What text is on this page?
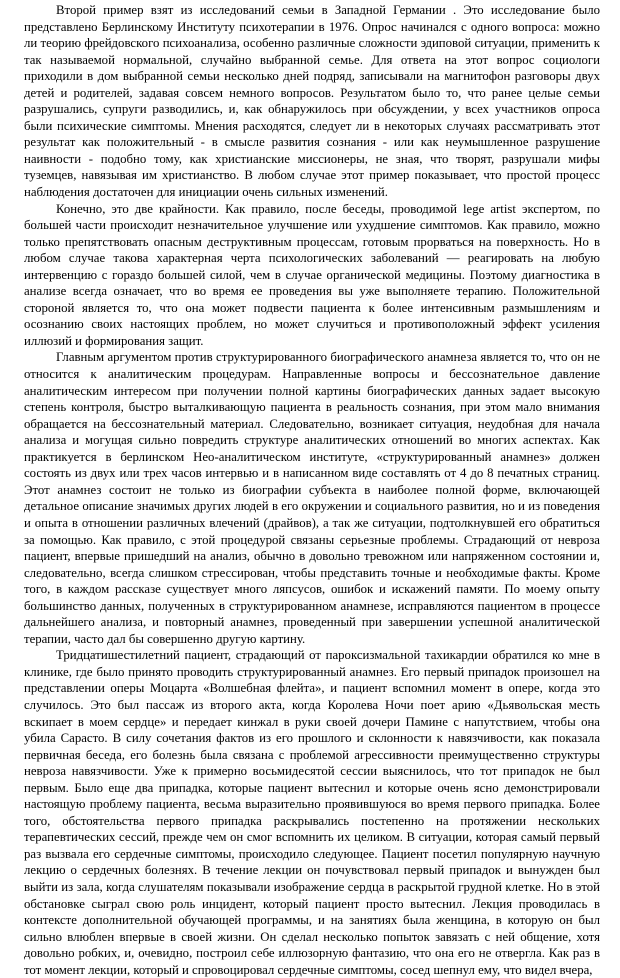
Второй пример взят из исследований семьи в Западной Германии . Это исследование было представлено Берлинскому Институту психотерапии в 1976. Опрос начинался с одного вопроса: можно ли теорию фрейдовского психоанализа, особенно различные сложности эдиповой ситуации, применить к так называемой нормальной, случайно выбранной семье. Для ответа на этот вопрос социологи приходили в дом выбранной семьи несколько дней подряд, записывали на магнитофон разговоры двух детей и родителей, задавая совсем немного вопросов. Результатом было то, что ранее целые семьи разрушались, супруги разводились, и, как обнаружилось при обсуждении, у всех участников опроса были психические симптомы. Мнения расходятся, следует ли в некоторых случаях рассматривать этот результат как положительный - в смысле развития сознания - или как неумышленное разрушение наивности - подобно тому, как христианские миссионеры, не зная, что творят, разрушали мифы туземцев, навязывая им христианство. В любом случае этот пример показывает, что простой процесс наблюдения достаточен для инициации очень сильных изменений.

Конечно, это две крайности. Как правило, после беседы, проводимой lege artist экспертом, по большей части происходит незначительное улучшение или ухудшение симптомов. Как правило, можно только препятствовать опасным деструктивным процессам, готовым прорваться на поверхность. Но в любом случае такова характерная черта психологических заболеваний — реагировать на любую интервенцию с гораздо большей силой, чем в случае органической медицины. Поэтому диагностика в анализе всегда означает, что во время ее проведения вы уже выполняете терапию. Положительной стороной является то, что она может подвести пациента к более интенсивным размышлениям и осознанию своих настоящих проблем, но может случиться и противоположный эффект усиления иллюзий и формирования защит.

Главным аргументом против структурированного биографического анамнеза является то, что он не относится к аналитическим процедурам. Направленные вопросы и бессознательное давление аналитическим интересом при получении полной картины биографических данных задает высокую степень контроля, быстро выталкивающую пациента в реальность сознания, при этом мало внимания обращается на бессознательный материал. Следовательно, возникает ситуация, неудобная для начала анализа и могущая сильно повредить структуре аналитических отношений во многих аспектах. Как практикуется в берлинском Нео-аналитическом институте, «структурированный анамнез» должен состоять из двух или трех часов интервью и в написанном виде составлять от 4 до 8 печатных страниц. Этот анамнез состоит не только из биографии субъекта в наиболее полной форме, включающей детальное описание значимых других людей в его окружении и социального развития, но и из поведения и опыта в отношении различных влечений (драйвов), а так же ситуации, подтолкнувшей его обратиться за помощью. Как правило, с этой процедурой связаны серьезные проблемы. Страдающий от невроза пациент, впервые пришедший на анализ, обычно в довольно тревожном или напряженном состоянии и, следовательно, всегда слишком стрессирован, чтобы представить точные и необходимые факты. Кроме того, в каждом рассказе существует много ляпсусов, ошибок и искажений памяти. По моему опыту большинство данных, полученных в структурированном анамнезе, исправляются пациентом в процессе дальнейшего анализа, и повторный анамнез, проведенный при завершении успешной аналитической терапии, часто дал бы совершенно другую картину.

Тридцатишестилетний пациент, страдающий от пароксизмальной тахикардии обратился ко мне в клинике, где было принято проводить структурированный анамнез. Его первый припадок произошел на представлении оперы Моцарта «Волшебная флейта», и пациент вспомнил момент в опере, когда это случилось. Это был пассаж из второго акта, когда Королева Ночи поет арию «Дьявольская месть вскипает в моем сердце» и передает кинжал в руки своей дочери Памине с напутствием, чтобы она убила Сарасто. В силу сочетания фактов из его прошлого и склонности к навязчивости, как показала первичная беседа, его болезнь была связана с проблемой агрессивности преимущественно структуры невроза навязчивости. Уже к примерно восьмидесятой сессии выяснилось, что тот припадок не был первым. Было еще два припадка, которые пациент вытеснил и которые очень ясно демонстрировали настоящую проблему пациента, весьма выразительно проявившуюся во время первого припадка. Более того, обстоятельства первого припадка раскрывались постепенно на протяжении нескольких терапевтических сессий, прежде чем он смог вспомнить их целиком. В ситуации, которая самый первый раз вызвала его сердечные симптомы, происходило следующее. Пациент посетил популярную научную лекцию о сердечных болезнях. В течение лекции он почувствовал первый припадок и вынужден был выйти из зала, когда слушателям показывали изображение сердца в раскрытой грудной клетке. Но в этой обстановке сыграл свою роль инцидент, который пациент просто вытеснил. Лекция проводилась в контексте дополнительной обучающей программы, и на занятиях была женщина, в которую он был сильно влюблен впервые в своей жизни. Он сделал несколько попыток завязать с ней общение, хотя довольно робких, и, очевидно, построил себе иллюзорную фантазию, что она его не отвергла. Как раз в тот момент лекции, который и спровоцировал сердечные симптомы, сосед шепнул ему, что видел вчера,
